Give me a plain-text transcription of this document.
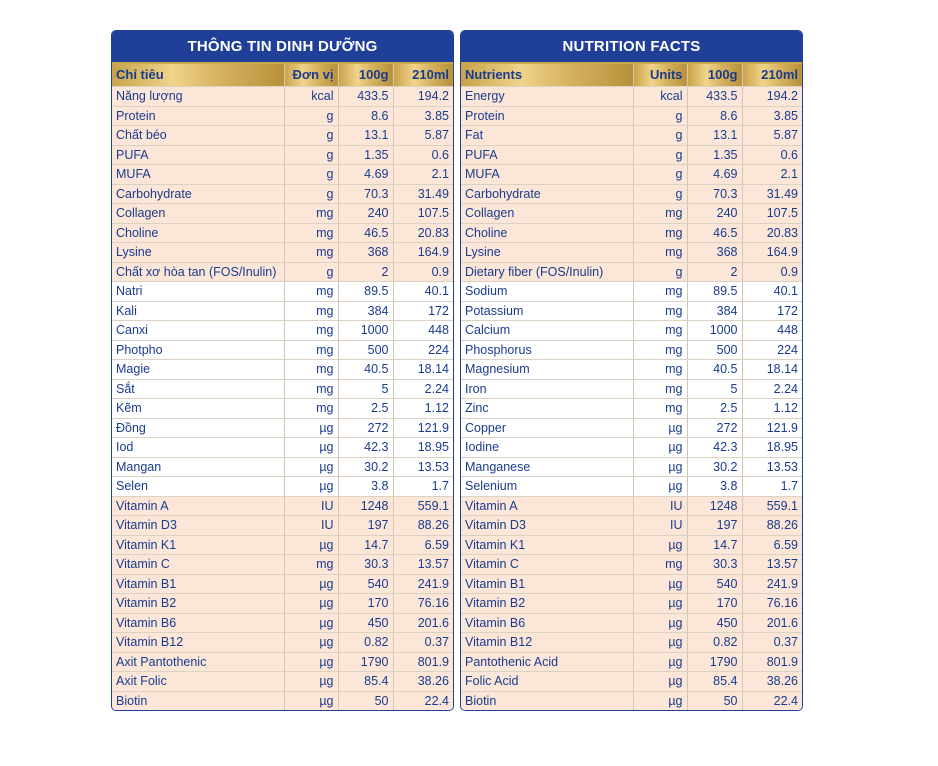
THÔNG TIN DINH DƯỠNG
Chỉ tiêu	Đơn vị	100g	210ml
Năng lượng	kcal	433.5	194.2
Protein	g	8.6	3.85
Chất béo	g	13.1	5.87
PUFA	g	1.35	0.6
MUFA	g	4.69	2.1
Carbohydrate	g	70.3	31.49
Collagen	mg	240	107.5
Choline	mg	46.5	20.83
Lysine	mg	368	164.9
Chất xơ hòa tan (FOS/Inulin)	g	2	0.9
Natri	mg	89.5	40.1
Kali	mg	384	172
Canxi	mg	1000	448
Photpho	mg	500	224
Magie	mg	40.5	18.14
Sắt	mg	5	2.24
Kẽm	mg	2.5	1.12
Đồng	µg	272	121.9
Iod	µg	42.3	18.95
Mangan	µg	30.2	13.53
Selen	µg	3.8	1.7
Vitamin A	IU	1248	559.1
Vitamin D3	IU	197	88.26
Vitamin K1	µg	14.7	6.59
Vitamin C	mg	30.3	13.57
Vitamin B1	µg	540	241.9
Vitamin B2	µg	170	76.16
Vitamin B6	µg	450	201.6
Vitamin B12	µg	0.82	0.37
Axit Pantothenic	µg	1790	801.9
Axit Folic	µg	85.4	38.26
Biotin	µg	50	22.4
NUTRITION FACTS
Nutrients	Units	100g	210ml
Energy	kcal	433.5	194.2
Protein	g	8.6	3.85
Fat	g	13.1	5.87
PUFA	g	1.35	0.6
MUFA	g	4.69	2.1
Carbohydrate	g	70.3	31.49
Collagen	mg	240	107.5
Choline	mg	46.5	20.83
Lysine	mg	368	164.9
Dietary fiber (FOS/Inulin)	g	2	0.9
Sodium	mg	89.5	40.1
Potassium	mg	384	172
Calcium	mg	1000	448
Phosphorus	mg	500	224
Magnesium	mg	40.5	18.14
Iron	mg	5	2.24
Zinc	mg	2.5	1.12
Copper	µg	272	121.9
Iodine	µg	42.3	18.95
Manganese	µg	30.2	13.53
Selenium	µg	3.8	1.7
Vitamin A	IU	1248	559.1
Vitamin D3	IU	197	88.26
Vitamin K1	µg	14.7	6.59
Vitamin C	mg	30.3	13.57
Vitamin B1	µg	540	241.9
Vitamin B2	µg	170	76.16
Vitamin B6	µg	450	201.6
Vitamin B12	µg	0.82	0.37
Pantothenic Acid	µg	1790	801.9
Folic Acid	µg	85.4	38.26
Biotin	µg	50	22.4
